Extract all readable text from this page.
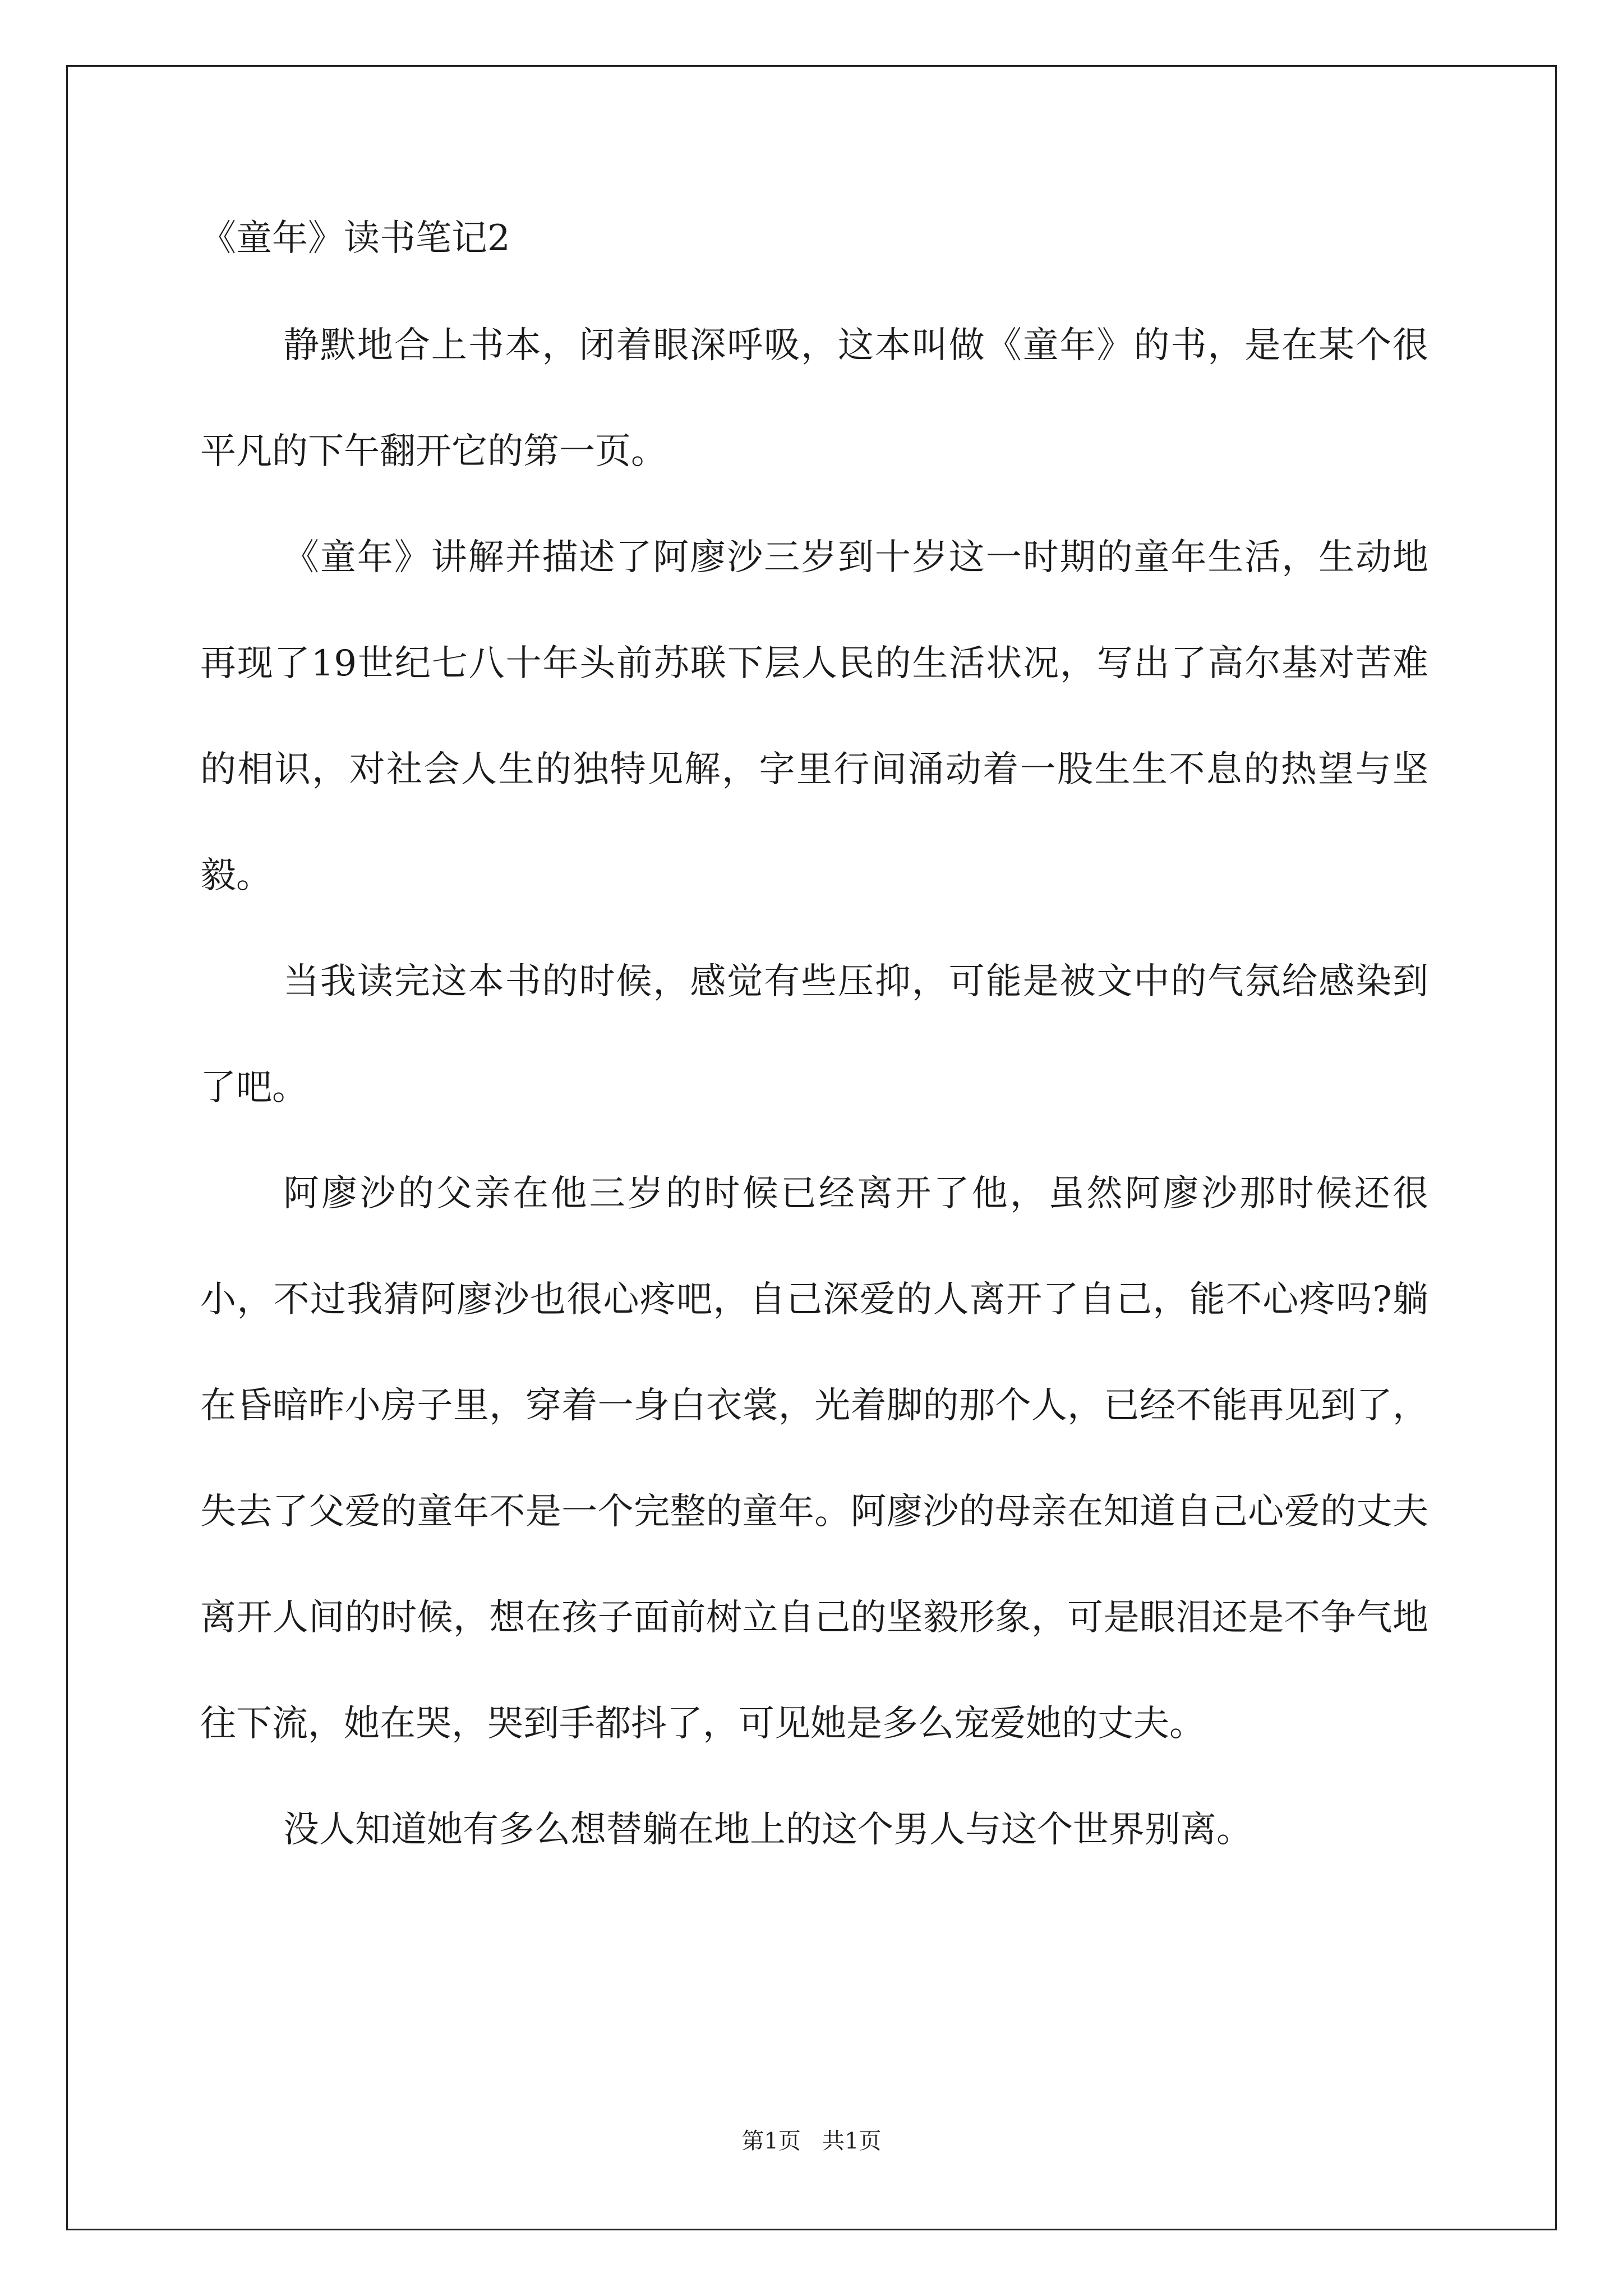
《童年》读书笔记2

静默地合上书本，闭着眼深呼吸，这本叫做《童年》的书，是在某个很平凡的下午翻开它的第一页。

《童年》讲解并描述了阿廖沙三岁到十岁这一时期的童年生活，生动地再现了19世纪七八十年头前苏联下层人民的生活状况，写出了高尔基对苦难的相识，对社会人生的独特见解，字里行间涌动着一股生生不息的热望与坚毅。

当我读完这本书的时候，感觉有些压抑，可能是被文中的气氛给感染到了吧。

阿廖沙的父亲在他三岁的时候已经离开了他，虽然阿廖沙那时候还很小，不过我猜阿廖沙也很心疼吧，自己深爱的人离开了自己，能不心疼吗?躺在昏暗昨小房子里，穿着一身白衣裳，光着脚的那个人，已经不能再见到了，失去了父爱的童年不是一个完整的童年。阿廖沙的母亲在知道自己心爱的丈夫离开人间的时候，想在孩子面前树立自己的坚毅形象，可是眼泪还是不争气地往下流，她在哭，哭到手都抖了，可见她是多么宠爱她的丈夫。

没人知道她有多么想替躺在地上的这个男人与这个世界别离。

第1页   共1页
